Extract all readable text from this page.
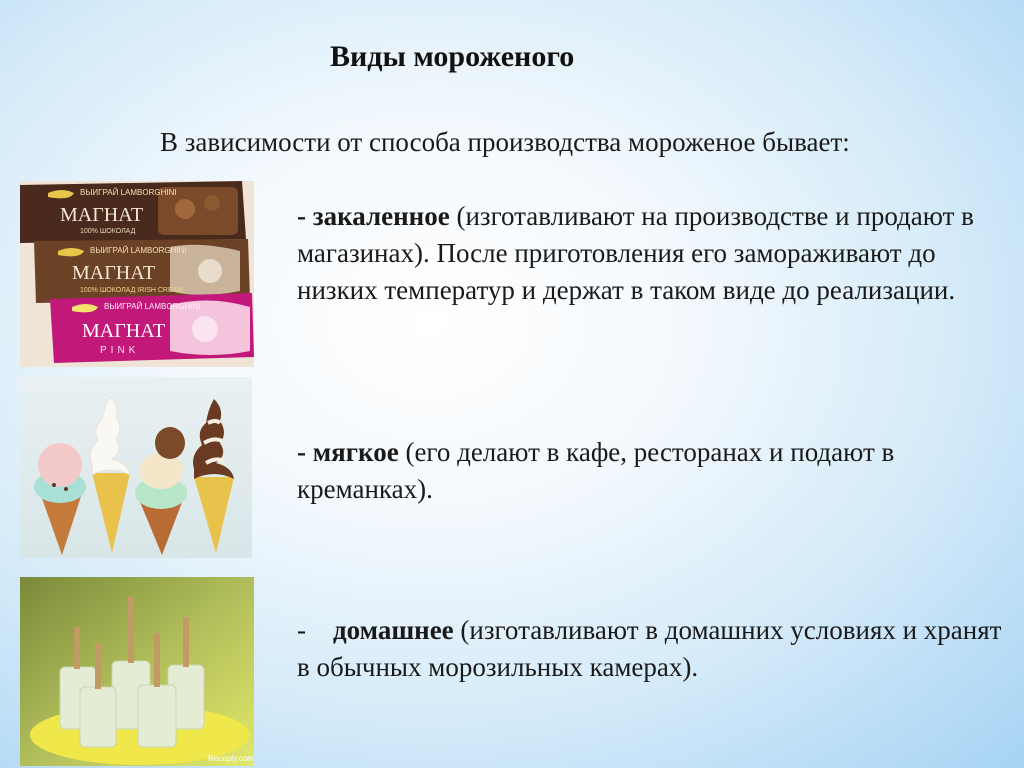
Виды мороженого
В зависимости от способа производства мороженое бывает:
ВЫИГРАЙ LAMBORGHINI
МАГНАТ
100% ШОКОЛАД
ВЫИГРАЙ LAMBORGHINI
МАГНАТ
100% ШОКОЛАД IRISH CREAM
ВЫИГРАЙ LAMBORGHINI
МАГНАТ
PINK
Receptу.com
- закаленное (изготавливают на производстве и продают в магазинах). После приготовления его замораживают до низких температур и держат в таком виде до реализации.
- мягкое (его делают в кафе, ресторанах и подают в креманках).
-    домашнее (изготавливают в домашних условиях и хранят в обычных морозильных камерах).
